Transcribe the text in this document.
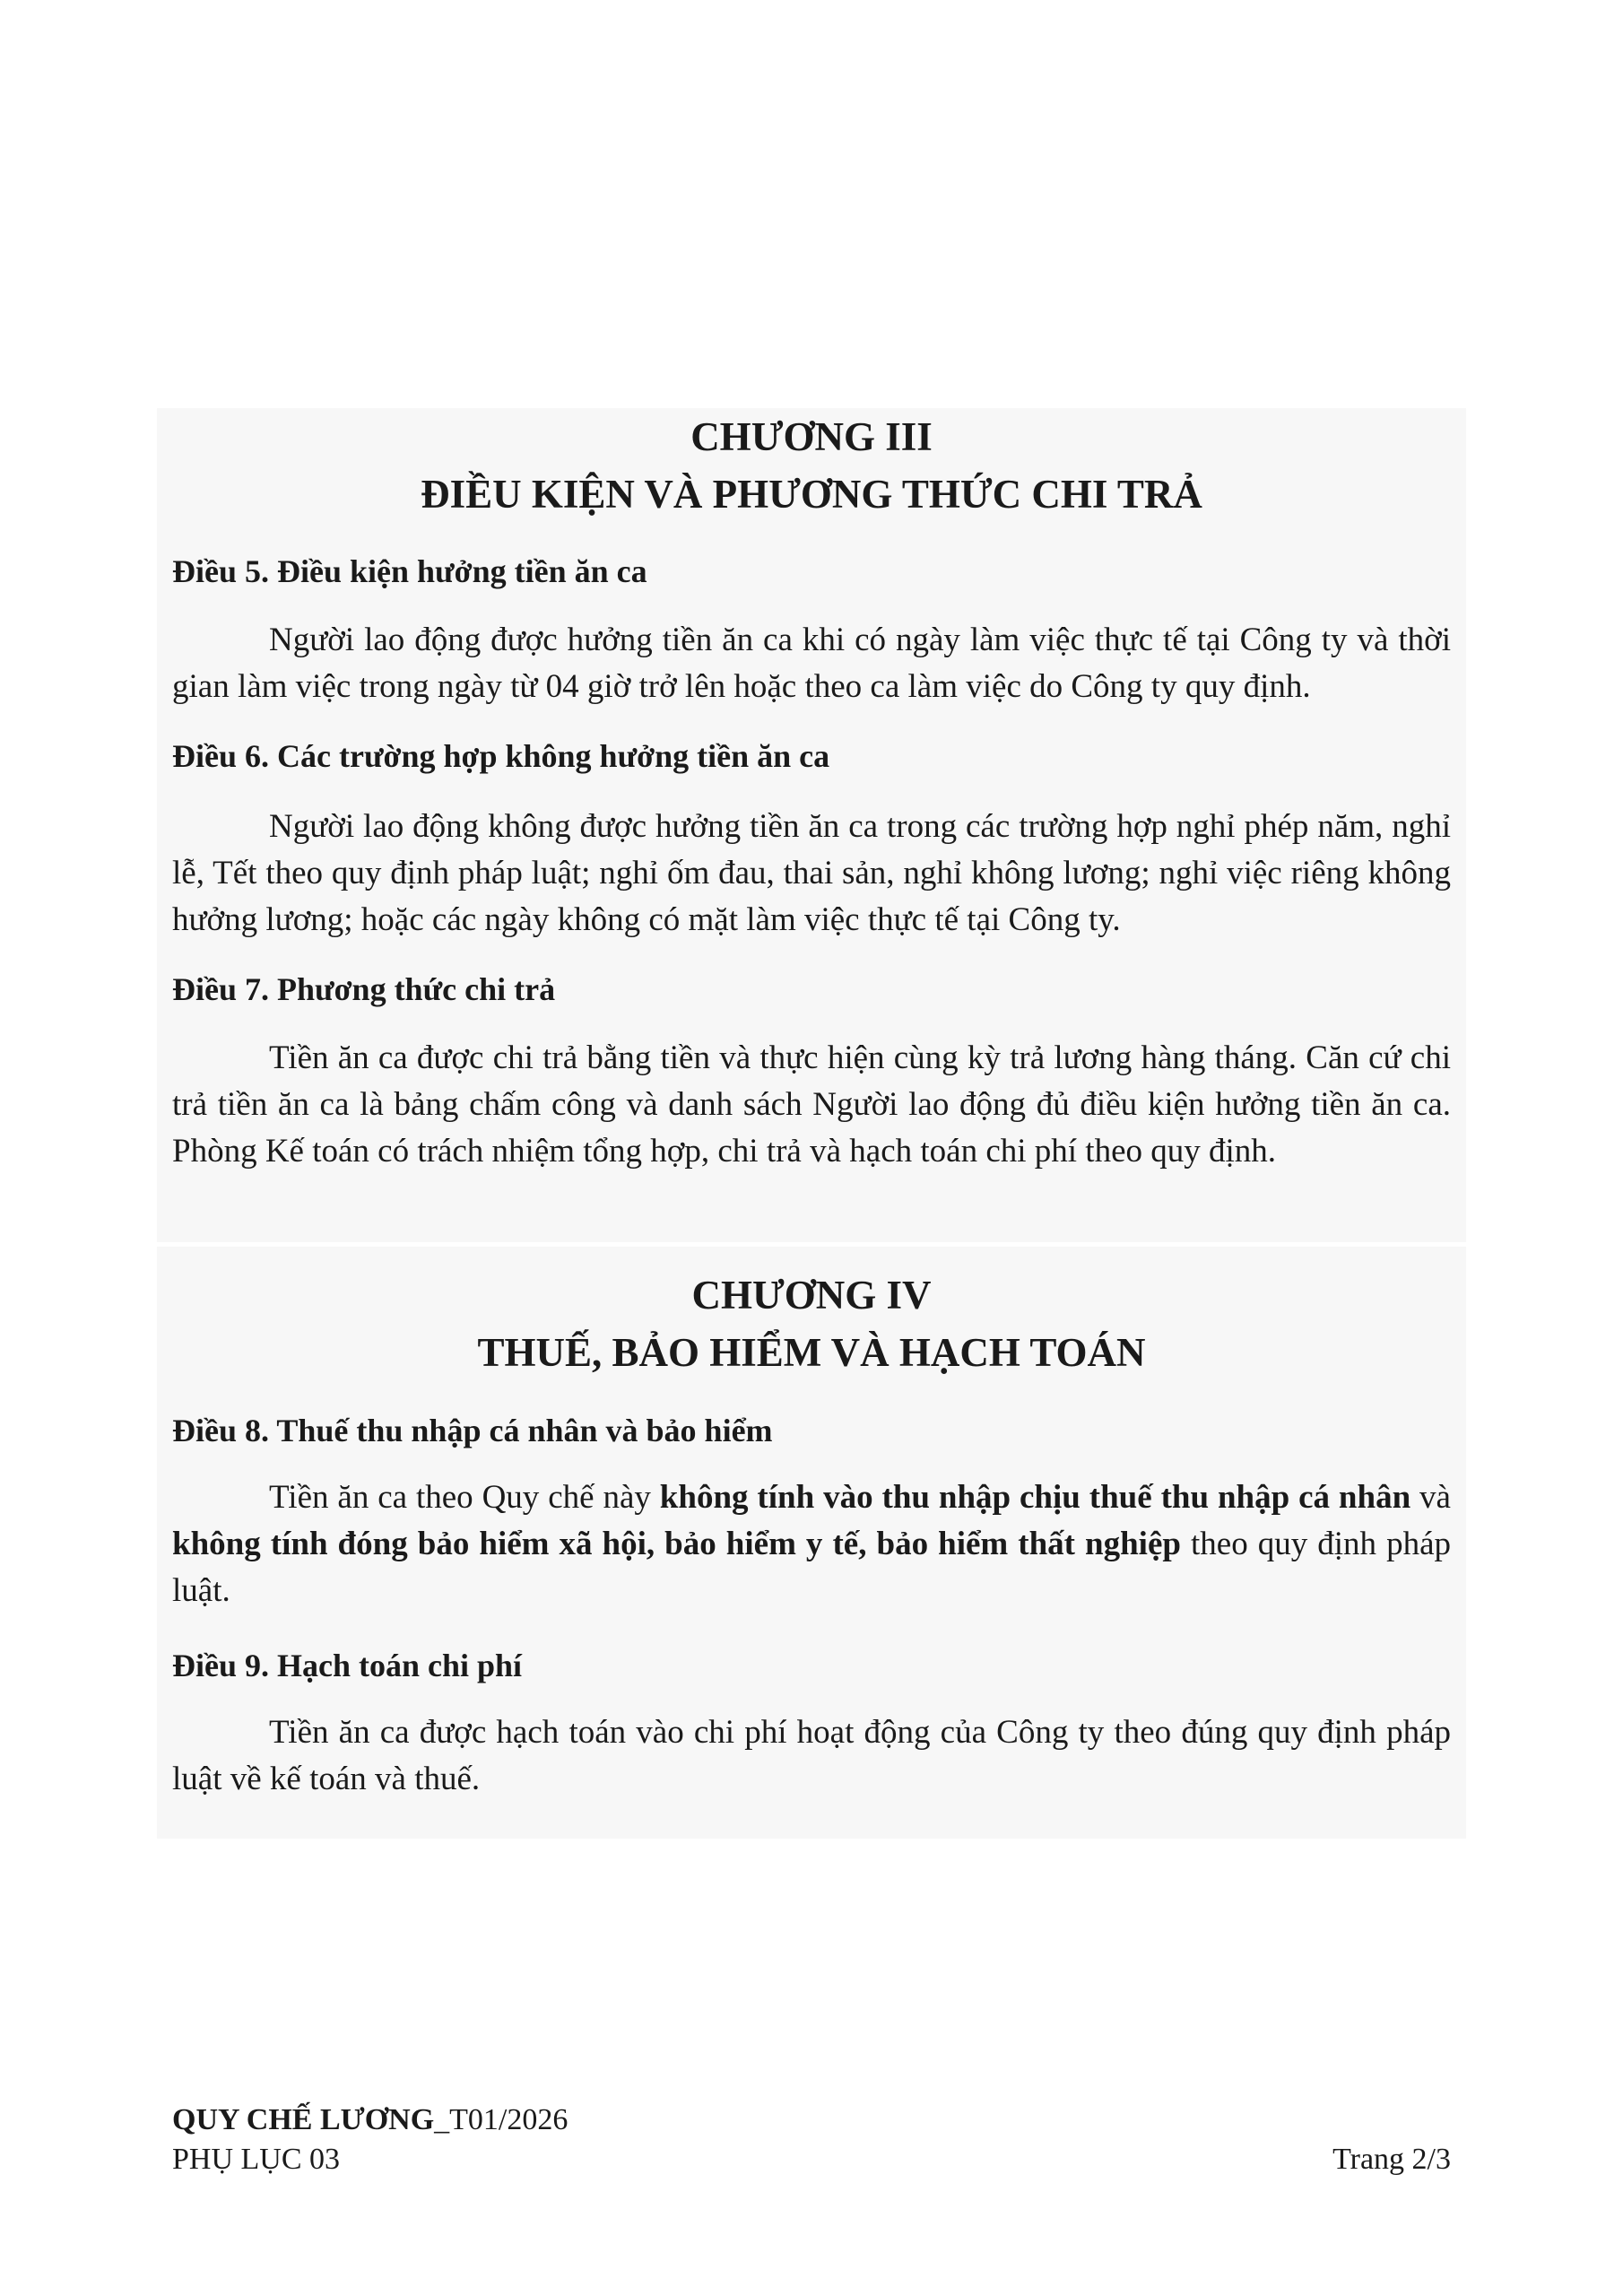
CHƯƠNG III
ĐIỀU KIỆN VÀ PHƯƠNG THỨC CHI TRẢ
Điều 5. Điều kiện hưởng tiền ăn ca
Người lao động được hưởng tiền ăn ca khi có ngày làm việc thực tế tại Công ty và thời gian làm việc trong ngày từ 04 giờ trở lên hoặc theo ca làm việc do Công ty quy định.
Điều 6. Các trường hợp không hưởng tiền ăn ca
Người lao động không được hưởng tiền ăn ca trong các trường hợp nghỉ phép năm, nghỉ lễ, Tết theo quy định pháp luật; nghỉ ốm đau, thai sản, nghỉ không lương; nghỉ việc riêng không hưởng lương; hoặc các ngày không có mặt làm việc thực tế tại Công ty.
Điều 7. Phương thức chi trả
Tiền ăn ca được chi trả bằng tiền và thực hiện cùng kỳ trả lương hàng tháng. Căn cứ chi trả tiền ăn ca là bảng chấm công và danh sách Người lao động đủ điều kiện hưởng tiền ăn ca. Phòng Kế toán có trách nhiệm tổng hợp, chi trả và hạch toán chi phí theo quy định.
CHƯƠNG IV
THUẾ, BẢO HIỂM VÀ HẠCH TOÁN
Điều 8. Thuế thu nhập cá nhân và bảo hiểm
Tiền ăn ca theo Quy chế này không tính vào thu nhập chịu thuế thu nhập cá nhân và không tính đóng bảo hiểm xã hội, bảo hiểm y tế, bảo hiểm thất nghiệp theo quy định pháp luật.
Điều 9. Hạch toán chi phí
Tiền ăn ca được hạch toán vào chi phí hoạt động của Công ty theo đúng quy định pháp luật về kế toán và thuế.
QUY CHẾ LƯƠNG_T01/2026
PHỤ LỤC 03	Trang 2/3
